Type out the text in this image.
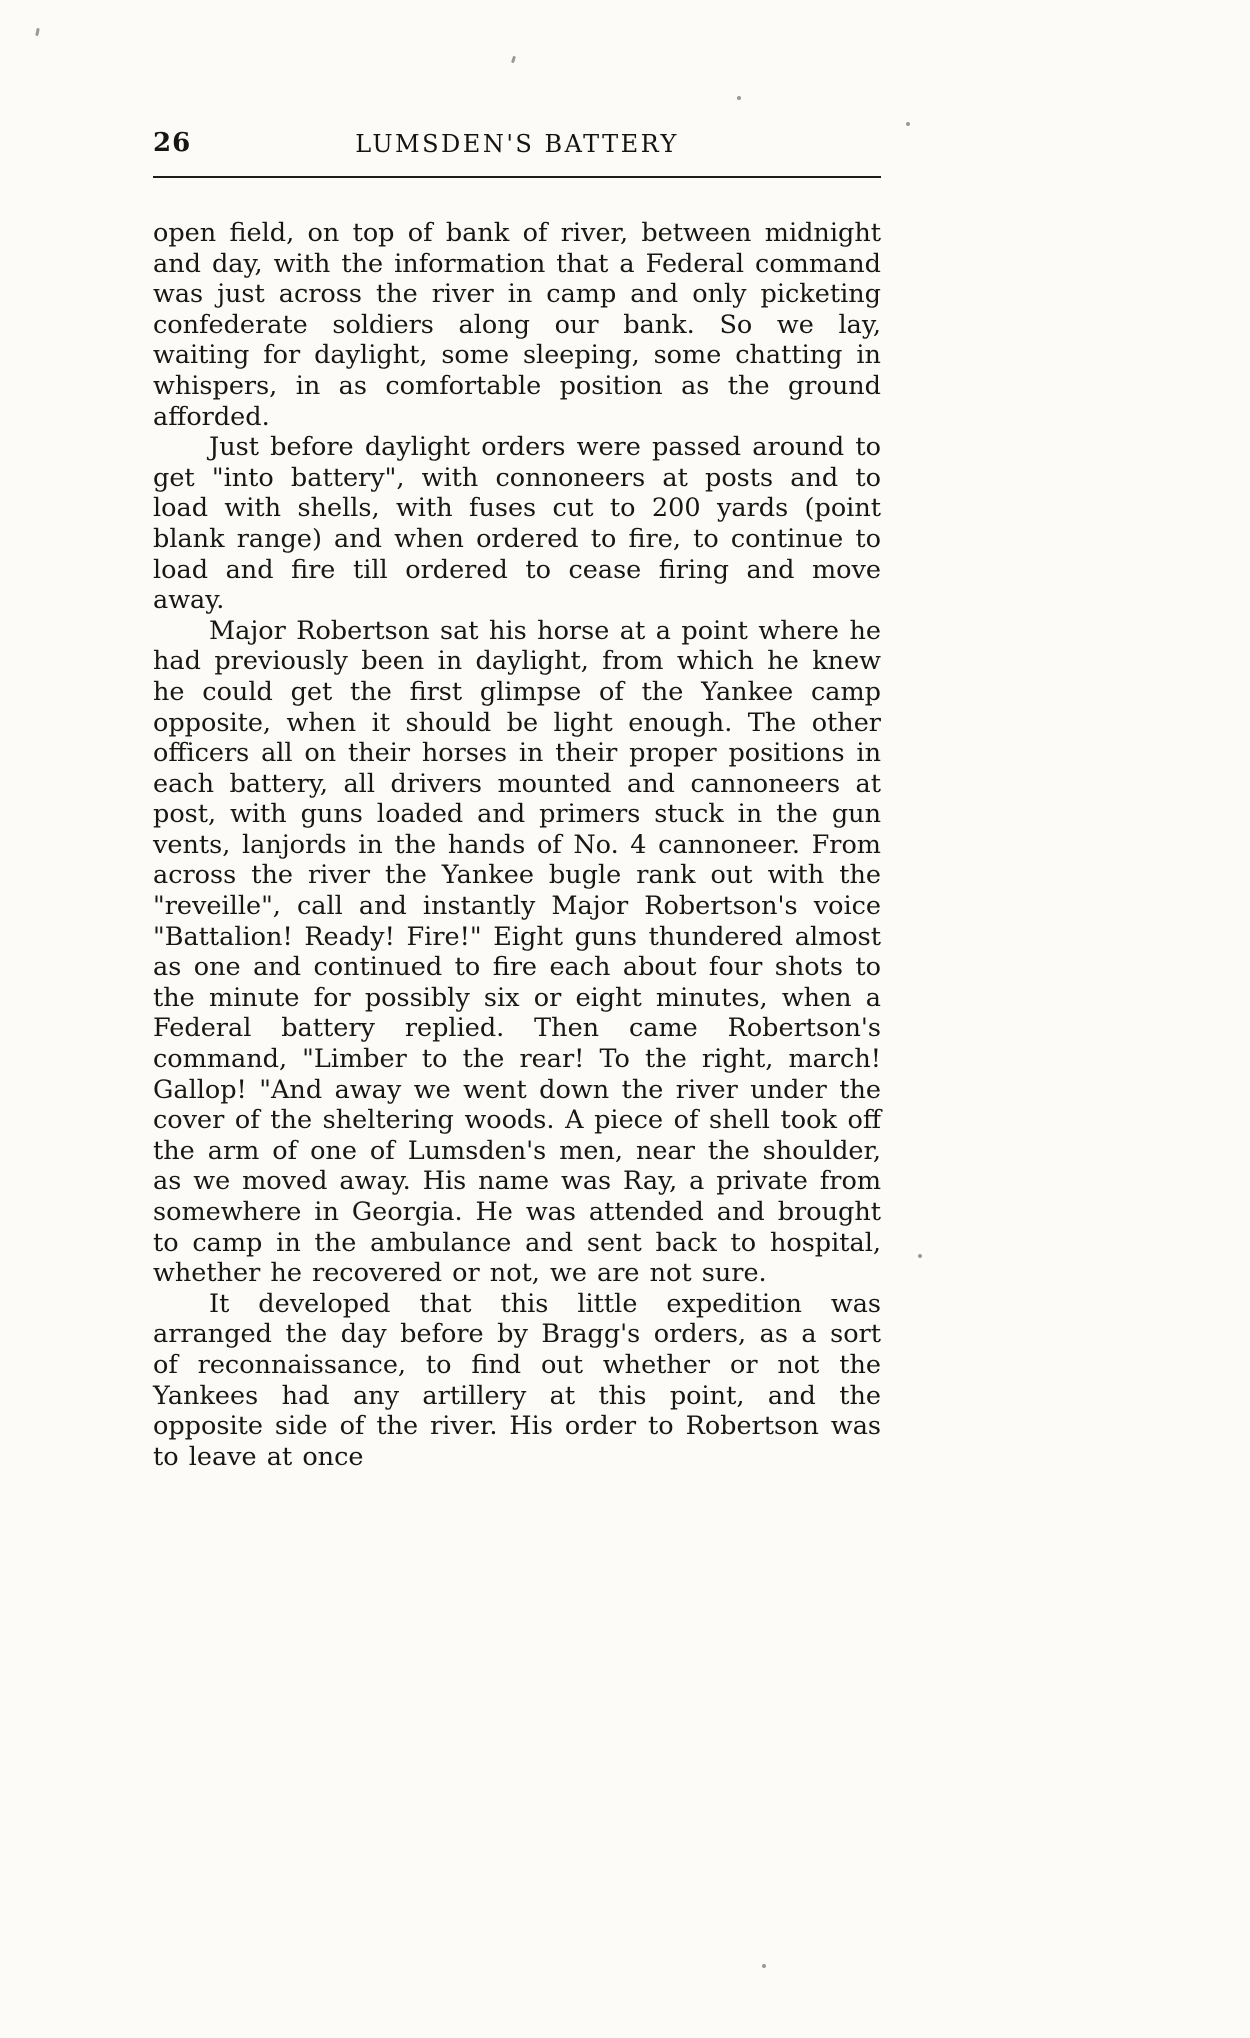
26	LUMSDEN'S BATTERY

open field, on top of bank of river, between midnight and day, with the information that a Federal command was just across the river in camp and only picketing confederate soldiers along our bank. So we lay, waiting for daylight, some sleeping, some chatting in whispers, in as comfortable position as the ground afforded.

Just before daylight orders were passed around to get "into battery", with connoneers at posts and to load with shells, with fuses cut to 200 yards (point blank range) and when ordered to fire, to continue to load and fire till ordered to cease firing and move away.

Major Robertson sat his horse at a point where he had previously been in daylight, from which he knew he could get the first glimpse of the Yankee camp opposite, when it should be light enough. The other officers all on their horses in their proper positions in each battery, all drivers mounted and cannoneers at post, with guns loaded and primers stuck in the gun vents, lanjords in the hands of No. 4 cannoneer. From across the river the Yankee bugle rank out with the "reveille", call and instantly Major Robertson's voice "Battalion! Ready! Fire!" Eight guns thundered almost as one and continued to fire each about four shots to the minute for possibly six or eight minutes, when a Federal battery replied. Then came Robertson's command, "Limber to the rear! To the right, march! Gallop! "And away we went down the river under the cover of the sheltering woods. A piece of shell took off the arm of one of Lumsden's men, near the shoulder, as we moved away. His name was Ray, a private from somewhere in Georgia. He was attended and brought to camp in the ambulance and sent back to hospital, whether he recovered or not, we are not sure.

It developed that this little expedition was arranged the day before by Bragg's orders, as a sort of reconnaissance, to find out whether or not the Yankees had any artillery at this point, and the opposite side of the river. His order to Robertson was to leave at once
